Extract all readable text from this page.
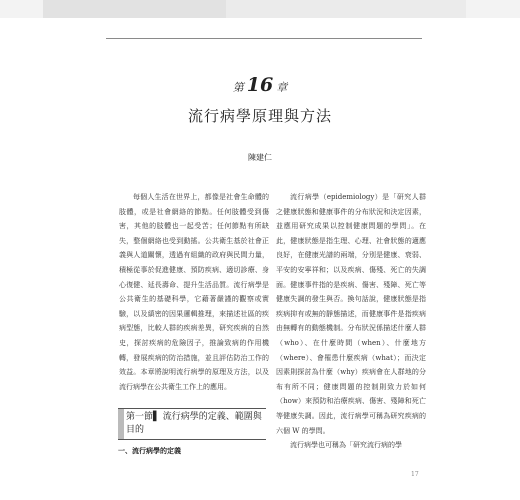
第 16 章
流行病學原理與方法
陳建仁

每個人生活在世界上，都像是社會生命體的肢體，或是社會網絡的節點。任何肢體受到傷害，其他的肢體也一起受苦；任何節點有所缺失，整個網絡也受到動搖。公共衛生基於社會正義與人道關懷，透過有組織的政府與民間力量，積極從事於促進健康、預防疾病、適切診療、身心復健、延長壽命、提升生活品質。流行病學是公共衛生的基礎科學，它藉著嚴謹的觀察或實驗，以及縝密的因果邏輯推理，來描述社區的疾病型態，比較人群的疾病差異，研究疾病的自然史，探討疾病的危險因子，推論致病的作用機轉，發展疾病的防治措施，並且評估防治工作的效益。本章將說明流行病學的原理及方法，以及流行病學在公共衛生工作上的應用。

流行病學（epidemiology）是「研究人群之健康狀態和健康事件的分布狀況和決定因素，並應用研究成果以控制健康問題的學問」。在此，健康狀態是指生理、心理、社會狀態的適應良好，在健康光譜的兩端，分別是健康、衰弱、平安的安寧祥和；以及疾病、傷殘、死亡的失調面。健康事件指的是疾病、傷害、殘障、死亡等健康失調的發生與否。換句話說，健康狀態是指疾病抑有或無的靜態描述，而健康事件是指疾病由無轉有的動態機制。分布狀況係描述什麼人群（who）、在什麼時間（when）、什麼地方（where）、會罹患什麼疾病（what）；而決定因素則探討為什麼（why）疾病會在人群地的分布有所不同；健康問題的控制則致力於如何（how）來預防和治療疾病、傷害、殘障和死亡等健康失調。因此，流行病學可稱為研究疾病的六個 W 的學問。

流行病學也可稱為「研究流行病的學

第一節▌ 流行病學的定義、範圍與目的
一、流行病學的定義
17
